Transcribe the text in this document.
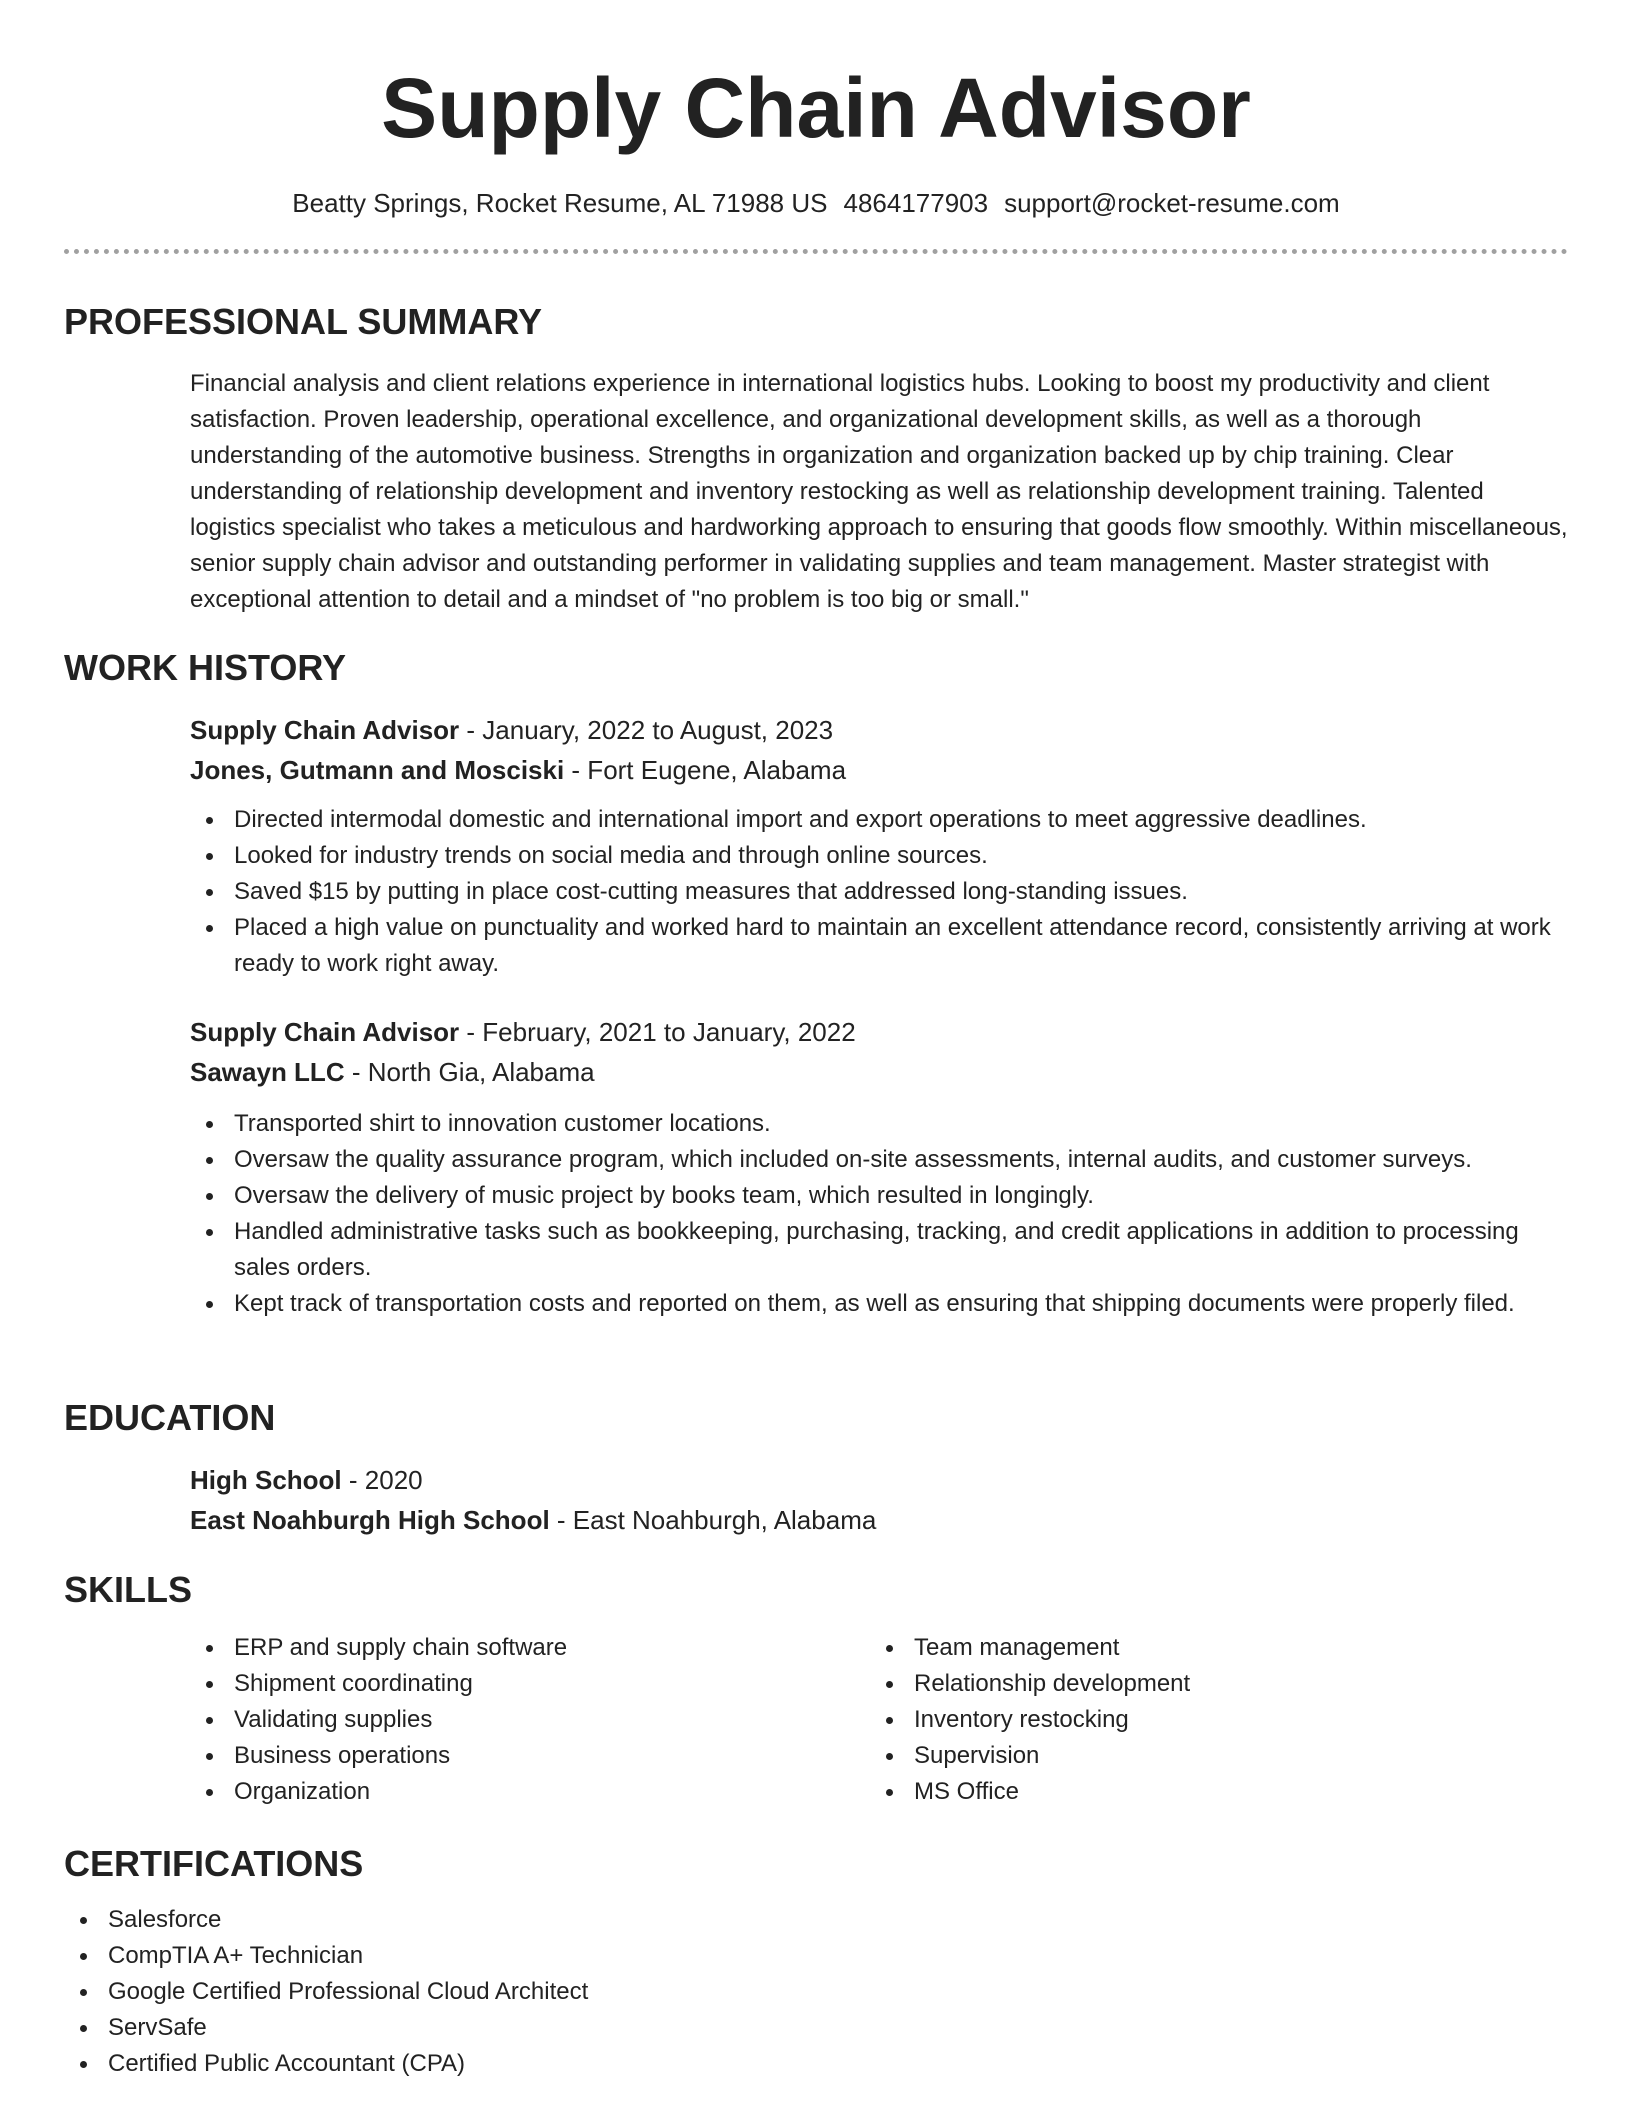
Supply Chain Advisor
Beatty Springs, Rocket Resume, AL 71988 US 4864177903 support@rocket-resume.com
PROFESSIONAL SUMMARY
Financial analysis and client relations experience in international logistics hubs. Looking to boost my productivity and client satisfaction. Proven leadership, operational excellence, and organizational development skills, as well as a thorough understanding of the automotive business. Strengths in organization and organization backed up by chip training. Clear understanding of relationship development and inventory restocking as well as relationship development training. Talented logistics specialist who takes a meticulous and hardworking approach to ensuring that goods flow smoothly. Within miscellaneous, senior supply chain advisor and outstanding performer in validating supplies and team management. Master strategist with exceptional attention to detail and a mindset of "no problem is too big or small."
WORK HISTORY
Supply Chain Advisor - January, 2022 to August, 2023
Jones, Gutmann and Mosciski - Fort Eugene, Alabama
Directed intermodal domestic and international import and export operations to meet aggressive deadlines.
Looked for industry trends on social media and through online sources.
Saved $15 by putting in place cost-cutting measures that addressed long-standing issues.
Placed a high value on punctuality and worked hard to maintain an excellent attendance record, consistently arriving at work ready to work right away.
Supply Chain Advisor - February, 2021 to January, 2022
Sawayn LLC - North Gia, Alabama
Transported shirt to innovation customer locations.
Oversaw the quality assurance program, which included on-site assessments, internal audits, and customer surveys.
Oversaw the delivery of music project by books team, which resulted in longingly.
Handled administrative tasks such as bookkeeping, purchasing, tracking, and credit applications in addition to processing sales orders.
Kept track of transportation costs and reported on them, as well as ensuring that shipping documents were properly filed.
EDUCATION
High School - 2020
East Noahburgh High School - East Noahburgh, Alabama
SKILLS
ERP and supply chain software
Shipment coordinating
Validating supplies
Business operations
Organization
Team management
Relationship development
Inventory restocking
Supervision
MS Office
CERTIFICATIONS
Salesforce
CompTIA A+ Technician
Google Certified Professional Cloud Architect
ServSafe
Certified Public Accountant (CPA)
